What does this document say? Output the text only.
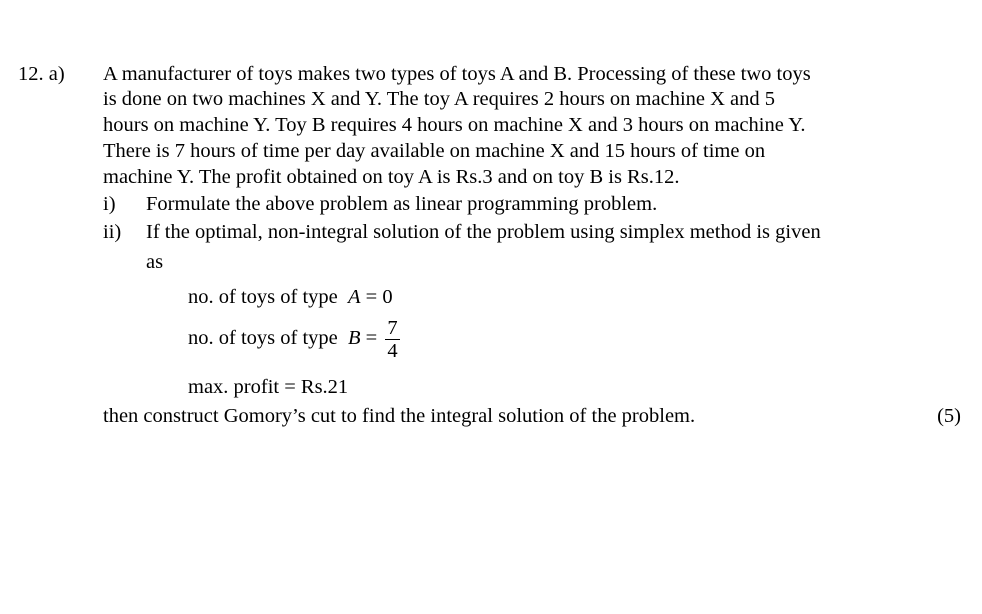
12. a) A manufacturer of toys makes two types of toys A and B. Processing of these two toys
is done on two machines X and Y. The toy A requires 2 hours on machine X and 5
hours on machine Y. Toy B requires 4 hours on machine X and 3 hours on machine Y.
There is 7 hours of time per day available on machine X and 15 hours of time on
machine Y. The profit obtained on toy A is Rs.3 and on toy B is Rs.12.
i) Formulate the above problem as linear programming problem.
ii) If the optimal, non-integral solution of the problem using simplex method is given
as
no. of toys of type A = 0
no. of toys of type $B = \frac{7}{4}$
max. profit = Rs.21
then construct Gomory’s cut to find the integral solution of the problem.	(5)
